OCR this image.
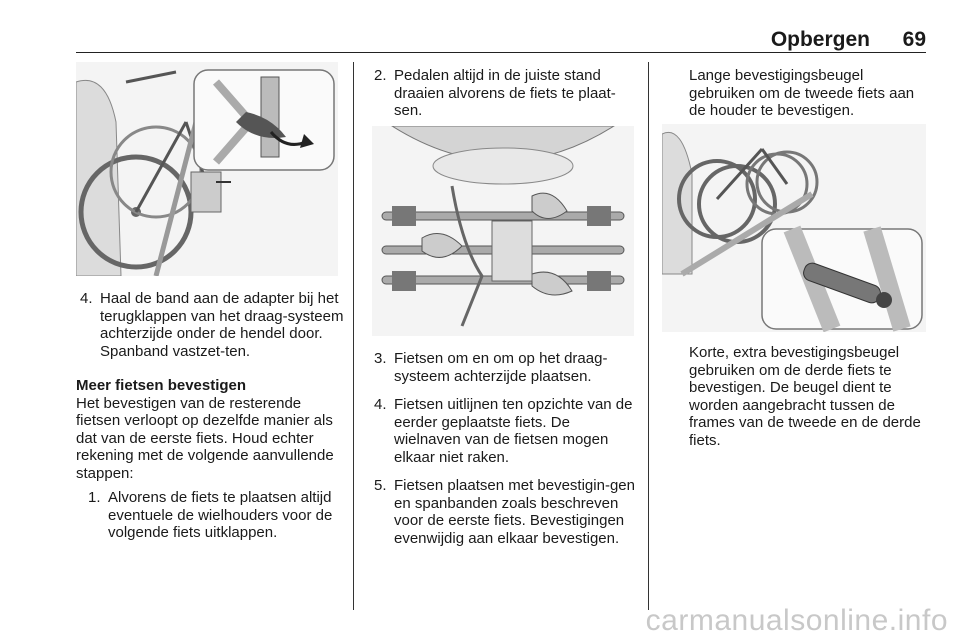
Opbergen 69
4. Haal de band aan de adapter bij het terugklappen van het draag-systeem achterzijde onder de hendel door. Spanband vastzet-ten.
Meer fietsen bevestigen

Het bevestigen van de resterende fietsen verloopt op dezelfde manier als dat van de eerste fiets. Houd echter rekening met de volgende aanvullende stappen:

1. Alvorens de fiets te plaatsen altijd eventuele de wielhouders voor de volgende fiets uitklappen.
2. Pedalen altijd in de juiste stand draaien alvorens de fiets te plaat-sen.
3. Fietsen om en om op het draag-systeem achterzijde plaatsen.
4. Fietsen uitlijnen ten opzichte van de eerder geplaatste fiets. De wielnaven van de fietsen mogen elkaar niet raken.
5. Fietsen plaatsen met bevestigin-gen en spanbanden zoals beschreven voor de eerste fiets. Bevestigingen evenwijdig aan elkaar bevestigen.

Lange bevestigingsbeugel gebruiken om de tweede fiets aan de houder te bevestigen.

Korte, extra bevestigingsbeugel gebruiken om de derde fiets te bevestigen. De beugel dient te worden aangebracht tussen de frames van de tweede en de derde fiets.

carmanualsonline.info
